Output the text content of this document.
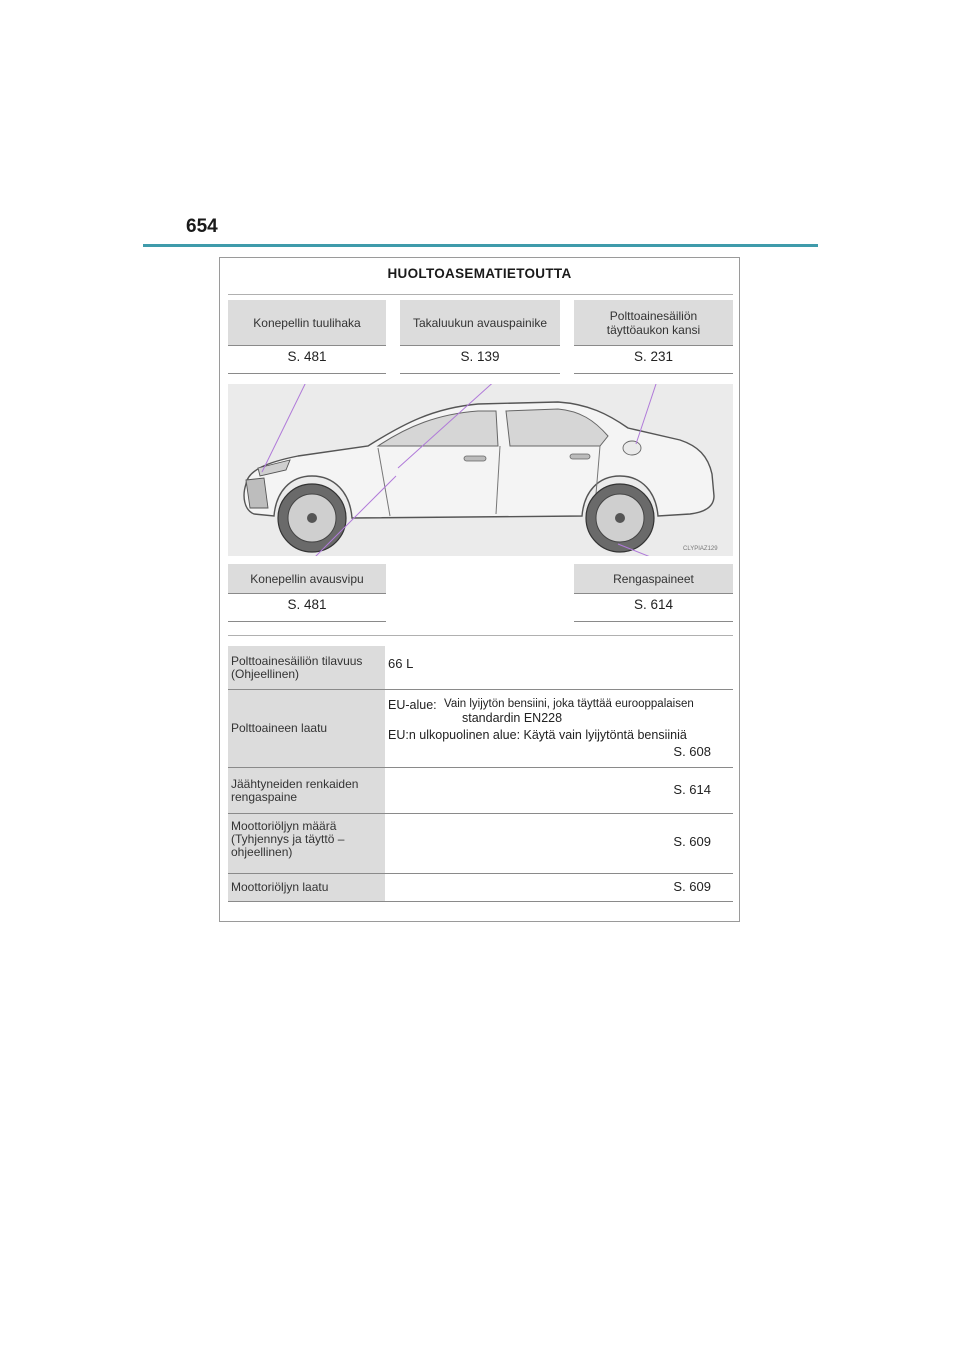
654
HUOLTOASEMATIETOUTTA
Konepellin tuulihaka
S. 481
Takaluukun avauspainike
S. 139
Polttoainesäiliön
täyttöaukon kansi
S. 231
CLYPIAZ129
Konepellin avausvipu
S. 481
Rengaspaineet
S. 614
Polttoainesäiliön tilavuus
(Ohjeellinen)
66 L
Polttoaineen laatu
EU-alue: Vain lyijytön bensiini, joka täyttää eurooppalaisen
standardin EN228
EU:n ulkopuolinen alue: Käytä vain lyijytöntä bensiiniä
S. 608
Jäähtyneiden renkaiden
rengaspaine	S. 614
Moottoriöljyn määrä
(Tyhjennys ja täyttö –
ohjeellinen)
S. 609
Moottoriöljyn laatu	S. 609
